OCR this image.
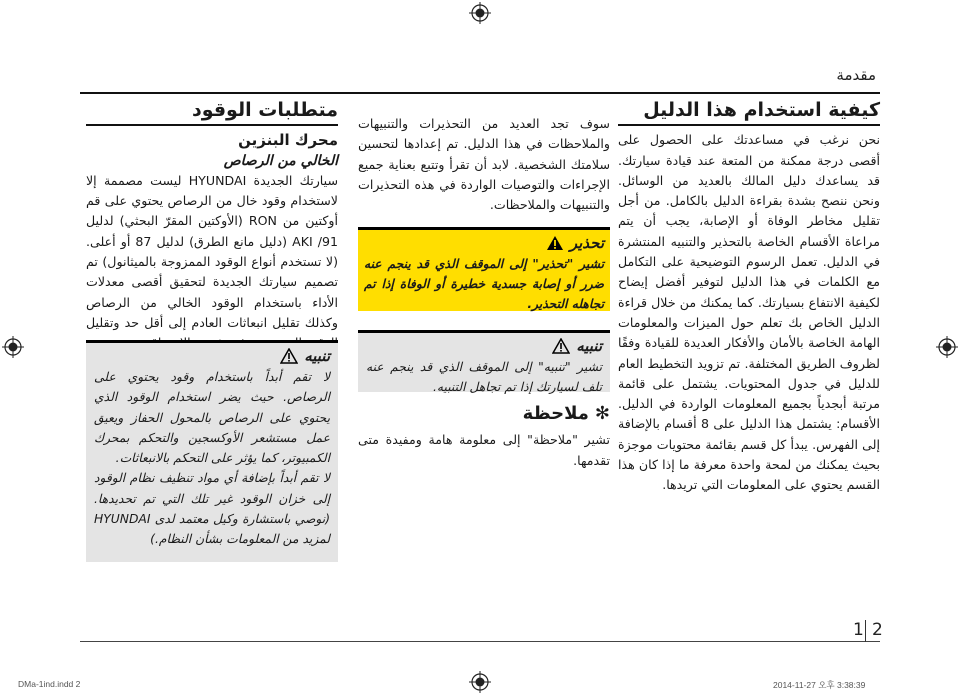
مقدمة

كيفية استخدام هذا الدليل

نحن نرغب في مساعدتك على الحصول على أقصى درجة ممكنة من المتعة عند قيادة سيارتك. قد يساعدك دليل المالك بالعديد من الوسائل. ونحن ننصح بشدة بقراءة الدليل بالكامل. من أجل تقليل مخاطر الوفاة أو الإصابة، يجب أن يتم مراعاة الأقسام الخاصة بالتحذير والتنبيه المنتشرة في الدليل. تعمل الرسوم التوضيحية على التكامل مع الكلمات في هذا الدليل لتوفير أفضل إيضاح لكيفية الانتفاع بسيارتك. كما يمكنك من خلال قراءة الدليل الخاص بك تعلم حول الميزات والمعلومات الهامة الخاصة بالأمان والأفكار العديدة للقيادة وفقًا لظروف الطريق المختلفة. تم تزويد التخطيط العام للدليل في جدول المحتويات. يشتمل على قائمة مرتبة أبجدياً بجميع المعلومات الواردة في الدليل. الأقسام: يشتمل هذا الدليل على 8 أقسام بالإضافة إلى الفهرس. يبدأ كل قسم بقائمة محتويات موجزة بحيث يمكنك من لمحة واحدة معرفة ما إذا كان هذا القسم يحتوي على المعلومات التي تريدها.

سوف تجد العديد من التحذيرات والتنبيهات والملاحظات في هذا الدليل. تم إعدادها لتحسين سلامتك الشخصية. لابد أن تقرأ وتتبع بعناية جميع الإجراءات والتوصيات الواردة في هذه التحذيرات والتنبيهات والملاحظات.

تحذير
تشير "تحذير" إلى الموقف الذي قد ينجم عنه ضرر أو إصابة جسدية خطيرة أو الوفاة إذا تم تجاهله التحذير.
تنبيه
تشير "تنبيه" إلى الموقف الذي قد ينجم عنه تلف لسيارتك إذا تم تجاهل التنبيه.
✻
ملاحظة

تشير "ملاحظة" إلى معلومة هامة ومفيدة متى تقدمها.

متطلبات الوقود

محرك البنزين

الخالي من الرصاص

سيارتك الجديدة HYUNDAI ليست مصممة إلا لاستخدام وقود خال من الرصاص يحتوي على قم أوكتين من RON (الأوكتين المقرّ البحثي) لدليل 91/ AKI (دليل مانع الطرق) لدليل 87 أو أعلى. (لا تستخدم أنواع الوقود الممزوجة بالميثانول) تم تصميم سيارتك الجديدة لتحقيق أقصى معدلات الأداء باستخدام الوقود الخالي من الرصاص وكذلك تقليل انبعاثات العادم إلى أقل حد وتقليل

تنبيه

لا تقم أبداً باستخدام وقود يحتوي على الرصاص. حيث يضر استخدام الوقود الذي يحتوي على الرصاص بالمحول الحفاز ويعيق عمل مستشعر الأوكسجين والتحكم بمحرك الكمبيوتر، كما يؤثر على التحكم بالانبعاثات.

لا تقم أبداً بإضافة أي مواد تنظيف نظام الوقود إلى خزان الوقود غير تلك التي تم تحديدها. (نوصي باستشارة وكيل معتمد لدى HYUNDAI لمزيد من المعلومات بشأن النظام.)

2
1
DMa-1ind.indd 2	2014-11-27 오후 3:38:39
